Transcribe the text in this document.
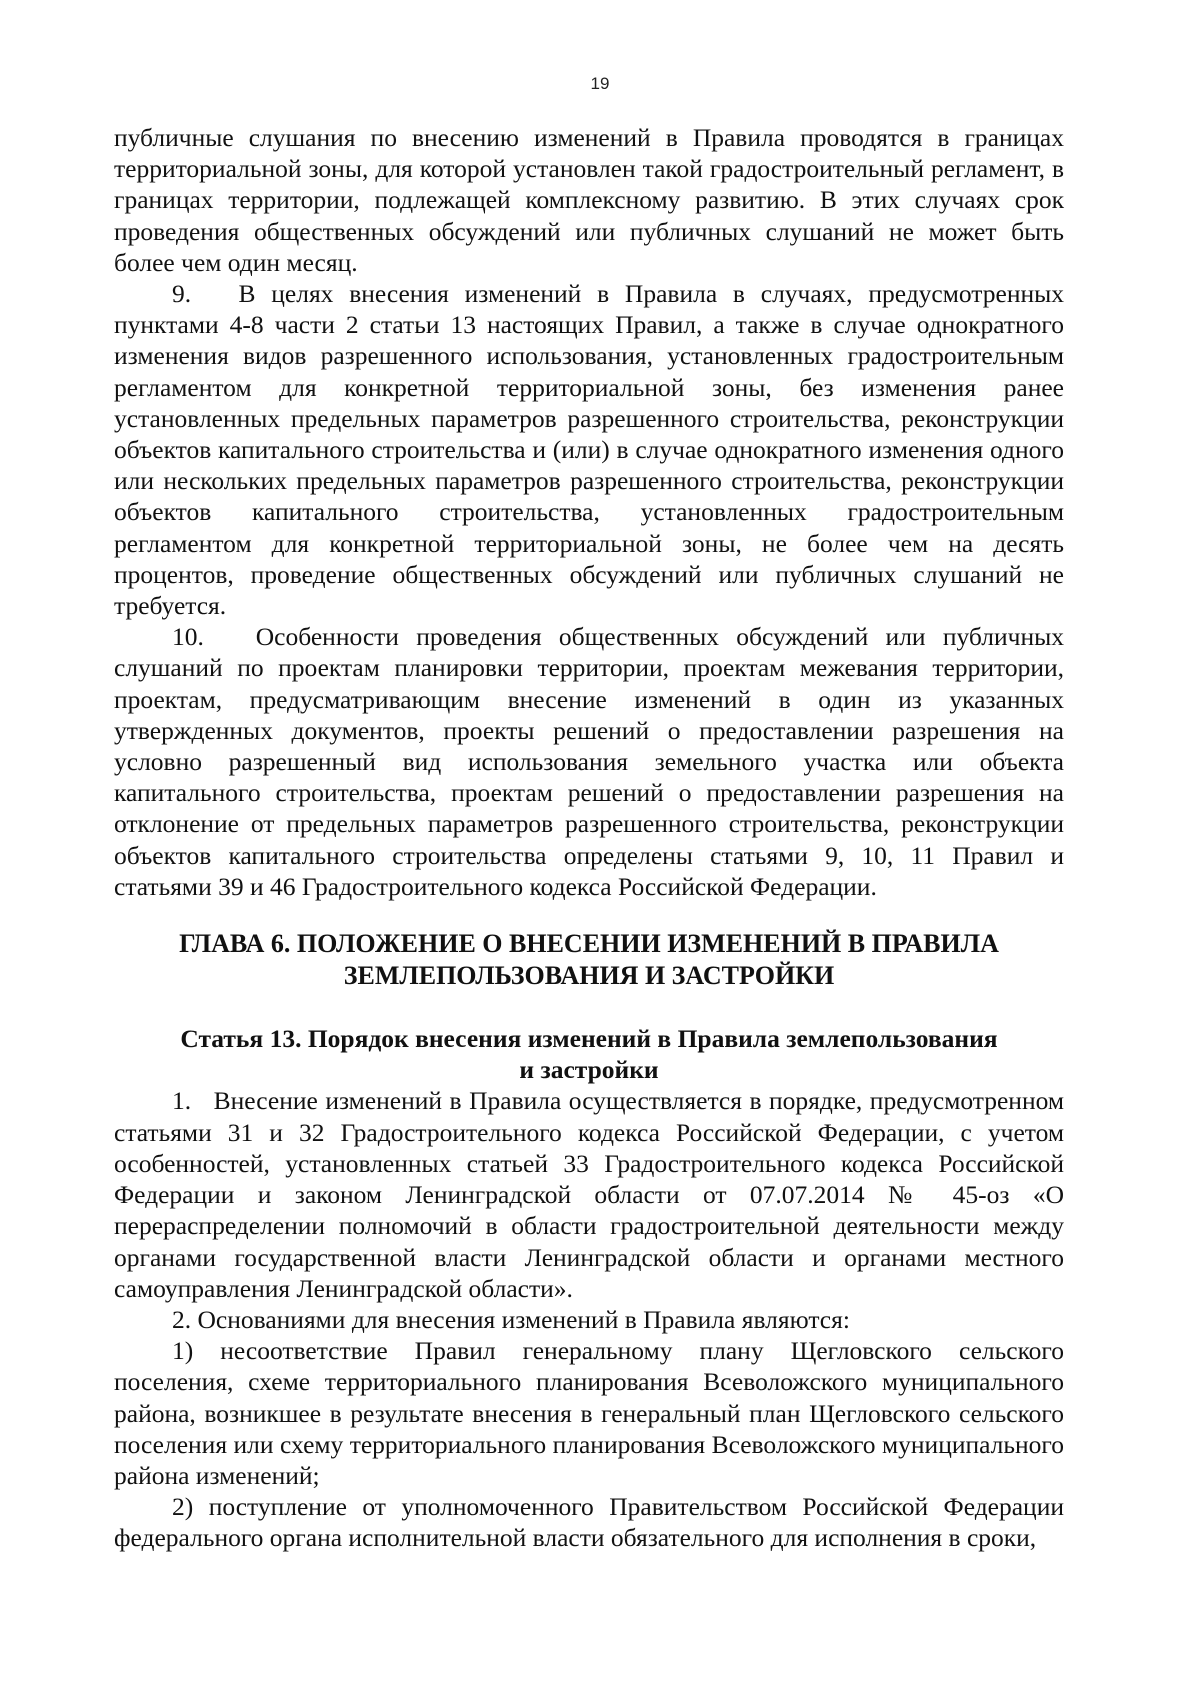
19

публичные слушания по внесению изменений в Правила проводятся в границах территориальной зоны, для которой установлен такой градостроительный регламент, в границах территории, подлежащей комплексному развитию. В этих случаях срок проведения общественных обсуждений или публичных слушаний не может быть более чем один месяц.

9.   В целях внесения изменений в Правила в случаях, предусмотренных пунктами 4-8 части 2 статьи 13 настоящих Правил, а также в случае однократного изменения видов разрешенного использования, установленных градостроительным регламентом для конкретной территориальной зоны, без изменения ранее установленных предельных параметров разрешенного строительства, реконструкции объектов капитального строительства и (или) в случае однократного изменения одного или нескольких предельных параметров разрешенного строительства, реконструкции объектов капитального строительства, установленных градостроительным регламентом для конкретной территориальной зоны, не более чем на десять процентов, проведение общественных обсуждений или публичных слушаний не требуется.

10.   Особенности проведения общественных обсуждений или публичных слушаний по проектам планировки территории, проектам межевания территории, проектам, предусматривающим внесение изменений в один из указанных утвержденных документов, проекты решений о предоставлении разрешения на условно разрешенный вид использования земельного участка или объекта капитального строительства, проектам решений о предоставлении разрешения на отклонение от предельных параметров разрешенного строительства, реконструкции объектов капитального строительства определены статьями 9, 10, 11 Правил и статьями 39 и 46 Градостроительного кодекса Российской Федерации.

ГЛАВА 6. ПОЛОЖЕНИЕ О ВНЕСЕНИИ ИЗМЕНЕНИЙ В ПРАВИЛА
ЗЕМЛЕПОЛЬЗОВАНИЯ И ЗАСТРОЙКИ
Статья 13. Порядок внесения изменений в Правила землепользования
и застройки

1.   Внесение изменений в Правила осуществляется в порядке, предусмотренном статьями 31 и 32 Градостроительного кодекса Российской Федерации, с учетом особенностей, установленных статьей 33 Градостроительного кодекса Российской Федерации и законом Ленинградской области от 07.07.2014 № 45-оз «О перераспределении полномочий в области градостроительной деятельности между органами государственной власти Ленинградской области и органами местного самоуправления Ленинградской области».

2. Основаниями для внесения изменений в Правила являются:

1) несоответствие Правил генеральному плану Щегловского сельского поселения, схеме территориального планирования Всеволожского муниципального района, возникшее в результате внесения в генеральный план Щегловского сельского поселения или схему территориального планирования Всеволожского муниципального района изменений;

2) поступление от уполномоченного Правительством Российской Федерации федерального органа исполнительной власти обязательного для исполнения в сроки,
